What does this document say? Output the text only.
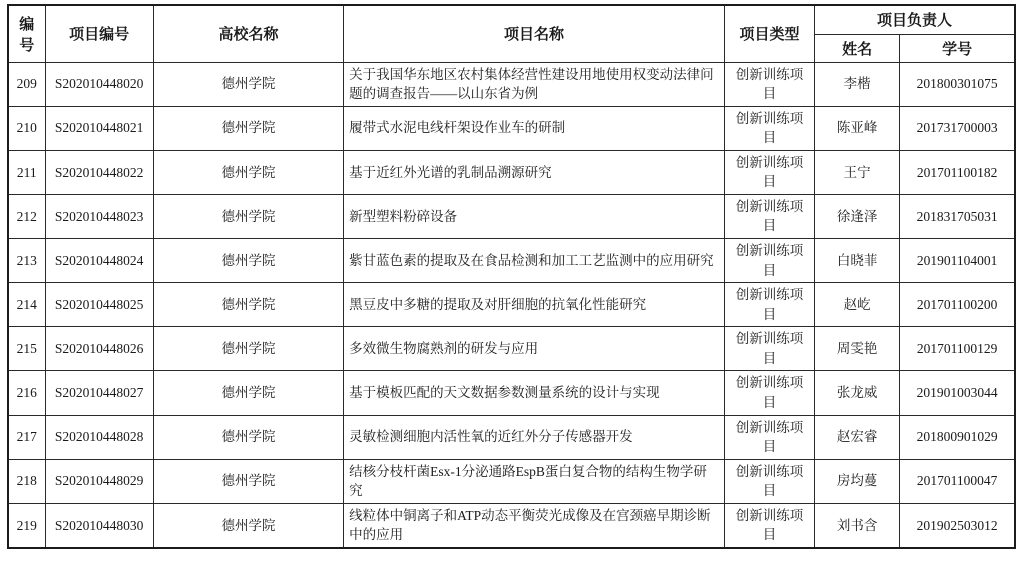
编号	项目编号	高校名称	项目名称	项目类型	项目负责人	
					姓名	学号
209	S202010448020	德州学院	关于我国华东地区农村集体经营性建设用地使用权变动法律问题的调查报告——以山东省为例	创新训练项目	李楷	201800301075
210	S202010448021	德州学院	履带式水泥电线杆架设作业车的研制	创新训练项目	陈亚峰	201731700003
211	S202010448022	德州学院	基于近红外光谱的乳制品溯源研究	创新训练项目	王宁	201701100182
212	S202010448023	德州学院	新型塑料粉碎设备	创新训练项目	徐逢泽	201831705031
213	S202010448024	德州学院	紫甘蓝色素的提取及在食品检测和加工工艺监测中的应用研究	创新训练项目	白晓菲	201901104001
214	S202010448025	德州学院	黑豆皮中多糖的提取及对肝细胞的抗氧化性能研究	创新训练项目	赵屹	201701100200
215	S202010448026	德州学院	多效微生物腐熟剂的研发与应用	创新训练项目	周雯艳	201701100129
216	S202010448027	德州学院	基于模板匹配的天文数据参数测量系统的设计与实现	创新训练项目	张龙威	201901003044
217	S202010448028	德州学院	灵敏检测细胞内活性氧的近红外分子传感器开发	创新训练项目	赵宏睿	201800901029
218	S202010448029	德州学院	结核分枝杆菌Esx-1分泌通路EspB蛋白复合物的结构生物学研究	创新训练项目	房均蔓	201701100047
219	S202010448030	德州学院	线粒体中铜离子和ATP动态平衡荧光成像及在宫颈癌早期诊断中的应用	创新训练项目	刘书含	201902503012
